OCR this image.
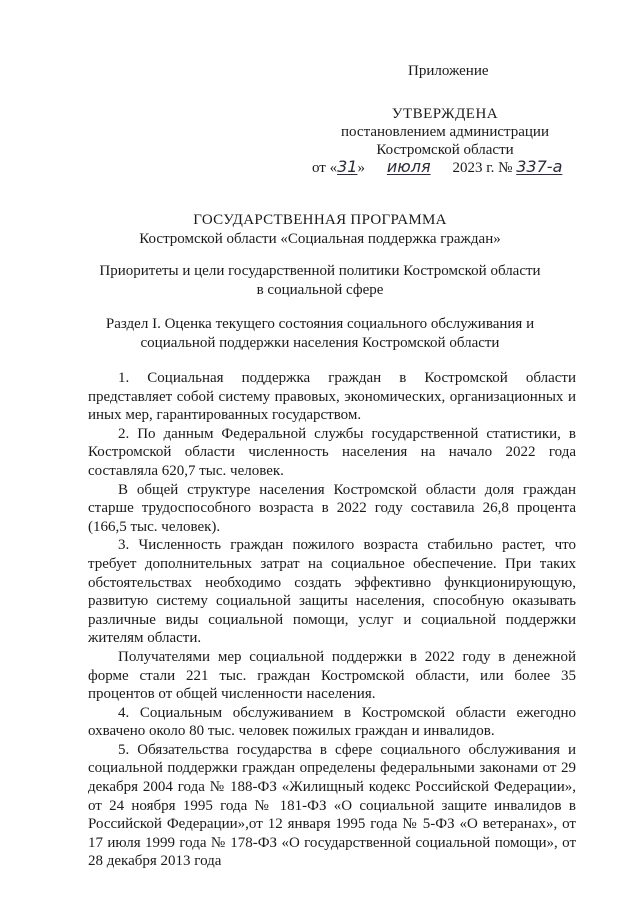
Приложение
УТВЕРЖДЕНА
постановлением администрации
Костромской области
от «31» июля 2023 г. № 337-а
ГОСУДАРСТВЕННАЯ ПРОГРАММА
Костромской области «Социальная поддержка граждан»
Приоритеты и цели государственной политики Костромской области
в социальной сфере
Раздел I. Оценка текущего состояния социального обслуживания и
социальной поддержки населения Костромской области

1. Социальная поддержка граждан в Костромской области представляет собой систему правовых, экономических, организационных и иных мер, гарантированных государством.

2. По данным Федеральной службы государственной статистики, в Костромской области численность населения на начало 2022 года составляла 620,7 тыс. человек.

В общей структуре населения Костромской области доля граждан старше трудоспособного возраста в 2022 году составила 26,8 процента (166,5 тыс. человек).

3. Численность граждан пожилого возраста стабильно растет, что требует дополнительных затрат на социальное обеспечение. При таких обстоятельствах необходимо создать эффективно функционирующую, развитую систему социальной защиты населения, способную оказывать различные виды социальной помощи, услуг и социальной поддержки жителям области.

Получателями мер социальной поддержки в 2022 году в денежной форме стали 221 тыс. граждан Костромской области, или более 35 процентов от общей численности населения.

4. Социальным обслуживанием в Костромской области ежегодно охвачено около 80 тыс. человек пожилых граждан и инвалидов.

5. Обязательства государства в сфере социального обслуживания и социальной поддержки граждан определены федеральными законами от 29 декабря 2004 года № 188-ФЗ «Жилищный кодекс Российской Федерации», от 24 ноября 1995 года № 181-ФЗ «О социальной защите инвалидов в Российской Федерации»,от 12 января 1995 года № 5-ФЗ «О ветеранах», от 17 июля 1999 года № 178-ФЗ «О государственной социальной помощи», от 28 декабря 2013 года
